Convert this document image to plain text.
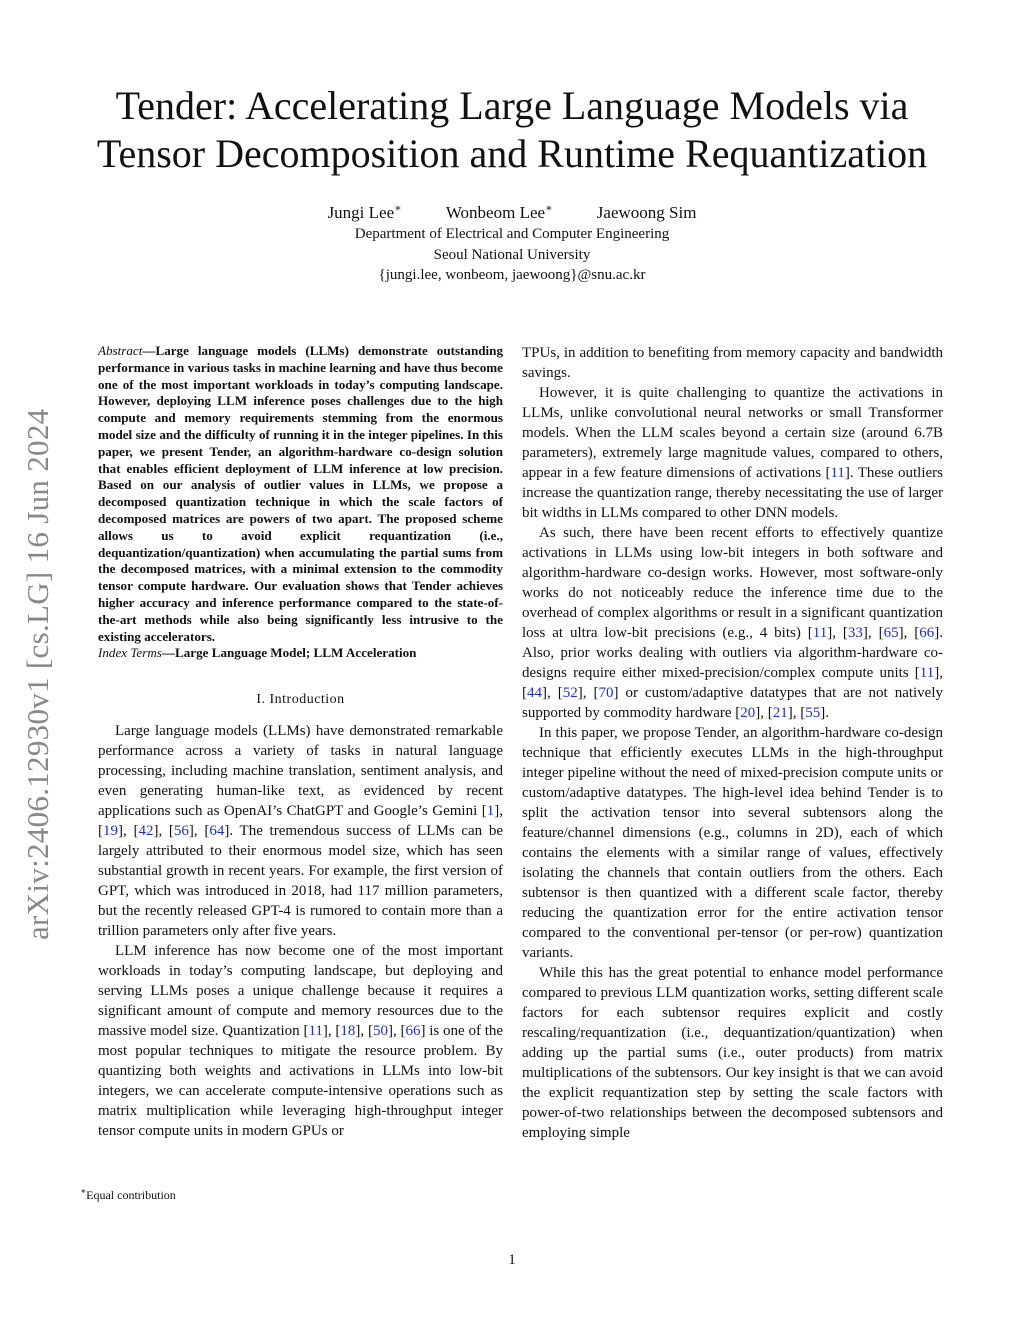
Tender: Accelerating Large Language Models via
Tensor Decomposition and Runtime Requantization
Jungi Lee∗	Wonbeom Lee∗	Jaewoong Sim
Department of Electrical and Computer Engineering
Seoul National University
{jungi.lee, wonbeom, jaewoong}@snu.ac.kr
arXiv:2406.12930v1 [cs.LG] 16 Jun 2024
Abstract—Large language models (LLMs) demonstrate outstanding performance in various tasks in machine learning and have thus become one of the most important workloads in today’s computing landscape. However, deploying LLM inference poses challenges due to the high compute and memory requirements stemming from the enormous model size and the difficulty of running it in the integer pipelines. In this paper, we present Tender, an algorithm-hardware co-design solution that enables efficient deployment of LLM inference at low precision. Based on our analysis of outlier values in LLMs, we propose a decomposed quantization technique in which the scale factors of decomposed matrices are powers of two apart. The proposed scheme allows us to avoid explicit requantization (i.e., dequantization/quantization) when accumulating the partial sums from the decomposed matrices, with a minimal extension to the commodity tensor compute hardware. Our evaluation shows that Tender achieves higher accuracy and inference performance compared to the state-of-the-art methods while also being significantly less intrusive to the existing accelerators.
Index Terms—Large Language Model; LLM Acceleration
I. Introduction

Large language models (LLMs) have demonstrated remarkable performance across a variety of tasks in natural language processing, including machine translation, sentiment analysis, and even generating human-like text, as evidenced by recent applications such as OpenAI’s ChatGPT and Google’s Gemini [1], [19], [42], [56], [64]. The tremendous success of LLMs can be largely attributed to their enormous model size, which has seen substantial growth in recent years. For example, the first version of GPT, which was introduced in 2018, had 117 million parameters, but the recently released GPT-4 is rumored to contain more than a trillion parameters only after five years.

LLM inference has now become one of the most important workloads in today’s computing landscape, but deploying and serving LLMs poses a unique challenge because it requires a significant amount of compute and memory resources due to the massive model size. Quantization [11], [18], [50], [66] is one of the most popular techniques to mitigate the resource problem. By quantizing both weights and activations in LLMs into low-bit integers, we can accelerate compute-intensive operations such as matrix multiplication while leveraging high-throughput integer tensor compute units in modern GPUs or

TPUs, in addition to benefiting from memory capacity and bandwidth savings.

However, it is quite challenging to quantize the activations in LLMs, unlike convolutional neural networks or small Transformer models. When the LLM scales beyond a certain size (around 6.7B parameters), extremely large magnitude values, compared to others, appear in a few feature dimensions of activations [11]. These outliers increase the quantization range, thereby necessitating the use of larger bit widths in LLMs compared to other DNN models.

As such, there have been recent efforts to effectively quantize activations in LLMs using low-bit integers in both software and algorithm-hardware co-design works. However, most software-only works do not noticeably reduce the inference time due to the overhead of complex algorithms or result in a significant quantization loss at ultra low-bit precisions (e.g., 4 bits) [11], [33], [65], [66]. Also, prior works dealing with outliers via algorithm-hardware co-designs require either mixed-precision/complex compute units [11], [44], [52], [70] or custom/adaptive datatypes that are not natively supported by commodity hardware [20], [21], [55].

In this paper, we propose Tender, an algorithm-hardware co-design technique that efficiently executes LLMs in the high-throughput integer pipeline without the need of mixed-precision compute units or custom/adaptive datatypes. The high-level idea behind Tender is to split the activation tensor into several subtensors along the feature/channel dimensions (e.g., columns in 2D), each of which contains the elements with a similar range of values, effectively isolating the channels that contain outliers from the others. Each subtensor is then quantized with a different scale factor, thereby reducing the quantization error for the entire activation tensor compared to the conventional per-tensor (or per-row) quantization variants.

While this has the great potential to enhance model performance compared to previous LLM quantization works, setting different scale factors for each subtensor requires explicit and costly rescaling/requantization (i.e., dequantization/quantization) when adding up the partial sums (i.e., outer products) from matrix multiplications of the subtensors. Our key insight is that we can avoid the explicit requantization step by setting the scale factors with power-of-two relationships between the decomposed subtensors and employing simple

∗Equal contribution
1
